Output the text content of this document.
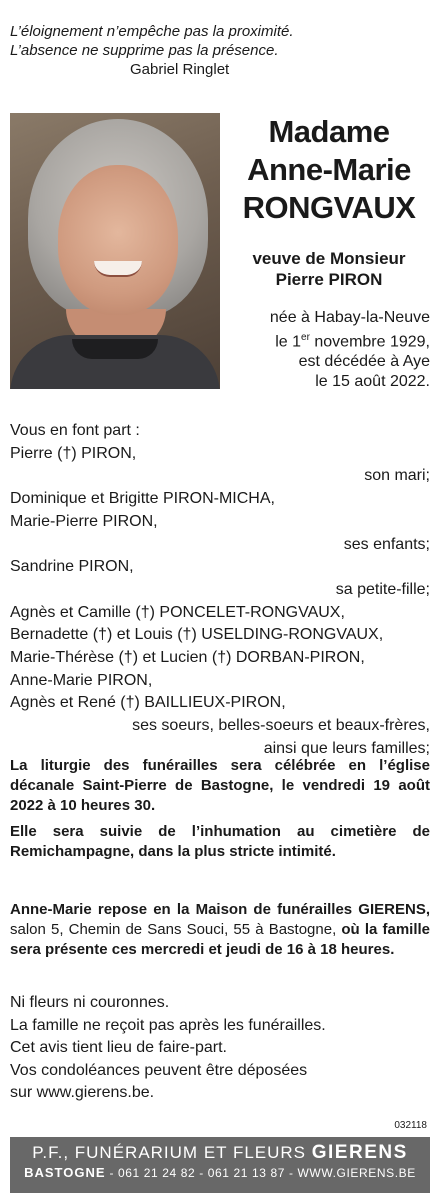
L’éloignement n’empêche pas la proximité.
L’absence ne supprime pas la présence.
Gabriel Ringlet
Madame
Anne-Marie
RONGVAUX
veuve de Monsieur
Pierre PIRON
née à Habay-la-Neuve
le 1er novembre 1929,
est décédée à Aye
le 15 août 2022.
Vous en font part :
Pierre (†) PIRON,
son mari;
Dominique et Brigitte PIRON-MICHA,
Marie-Pierre PIRON,
ses enfants;
Sandrine PIRON,
sa petite-fille;
Agnès et Camille (†) PONCELET-RONGVAUX,
Bernadette (†) et Louis (†) USELDING-RONGVAUX,
Marie-Thérèse (†) et Lucien (†) DORBAN-PIRON,
Anne-Marie PIRON,
Agnès et René (†) BAILLIEUX-PIRON,
ses soeurs, belles-soeurs et beaux-frères,
ainsi que leurs familles;
La liturgie des funérailles sera célébrée en l’église décanale Saint-Pierre de Bastogne, le vendredi 19 août 2022 à 10 heures 30.
Elle sera suivie de l’inhumation au cimetière de Remichampagne, dans la plus stricte intimité.
Anne-Marie repose en la Maison de funérailles GIERENS, salon 5, Chemin de Sans Souci, 55 à Bastogne, où la famille sera présente ces mercredi et jeudi de 16 à 18 heures.
Ni fleurs ni couronnes.
La famille ne reçoit pas après les funérailles.
Cet avis tient lieu de faire-part.
Vos condoléances peuvent être déposées
sur www.gierens.be.
032118
P.F., FUNÉRARIUM ET FLEURS GIERENS
BASTOGNE - 061 21 24 82 - 061 21 13 87 - WWW.GIERENS.BE
